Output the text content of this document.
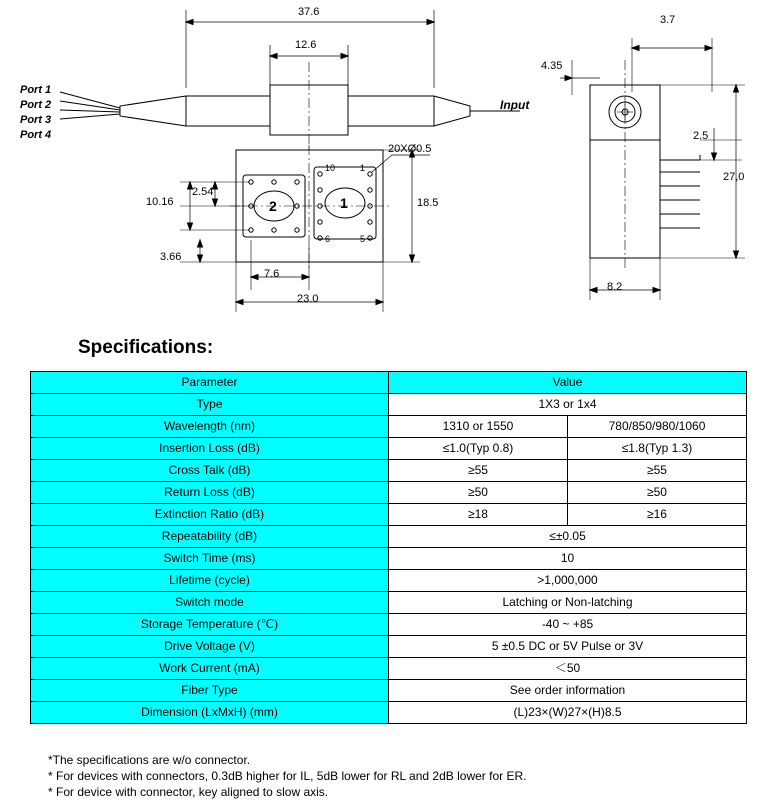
37.6
12.6
20XØ0.5
18.5
10.16
2.54
3.66
7.6
23.0
4.35
3.7
2.5
27,0
8.2
Port 1
Port 2
Port 3
Port 4
Input
2	1
10	1
6	5
Specifications:
Parameter	Value	
Type	1X3 or 1x4	
Wavelength (nm)	1310 or 1550	780/850/980/1060
Insertion Loss (dB)	≤1.0(Typ 0.8)	≤1.8(Typ 1.3)
Cross Talk (dB)	≥55	≥55
Return Loss (dB)	≥50	≥50
Extinction Ratio (dB)	≥18	≥16
Repeatability (dB)	≤±0.05	
Switch Time (ms)	10	
Lifetime (cycle)	>1,000,000	
Switch mode	Latching or Non-latching	
Storage Temperature (℃)	-40 ~ +85	
Drive Voltage (V)	5 ±0.5 DC or 5V Pulse or 3V	
Work Current (mA)	＜50	
Fiber Type	See order information	
Dimension (LxMxH) (mm)	(L)23×(W)27×(H)8.5	
*The specifications are w/o connector.
* For devices with connectors, 0.3dB higher for IL, 5dB lower for RL and 2dB lower for ER.
* For device with connector, key aligned to slow axis.
